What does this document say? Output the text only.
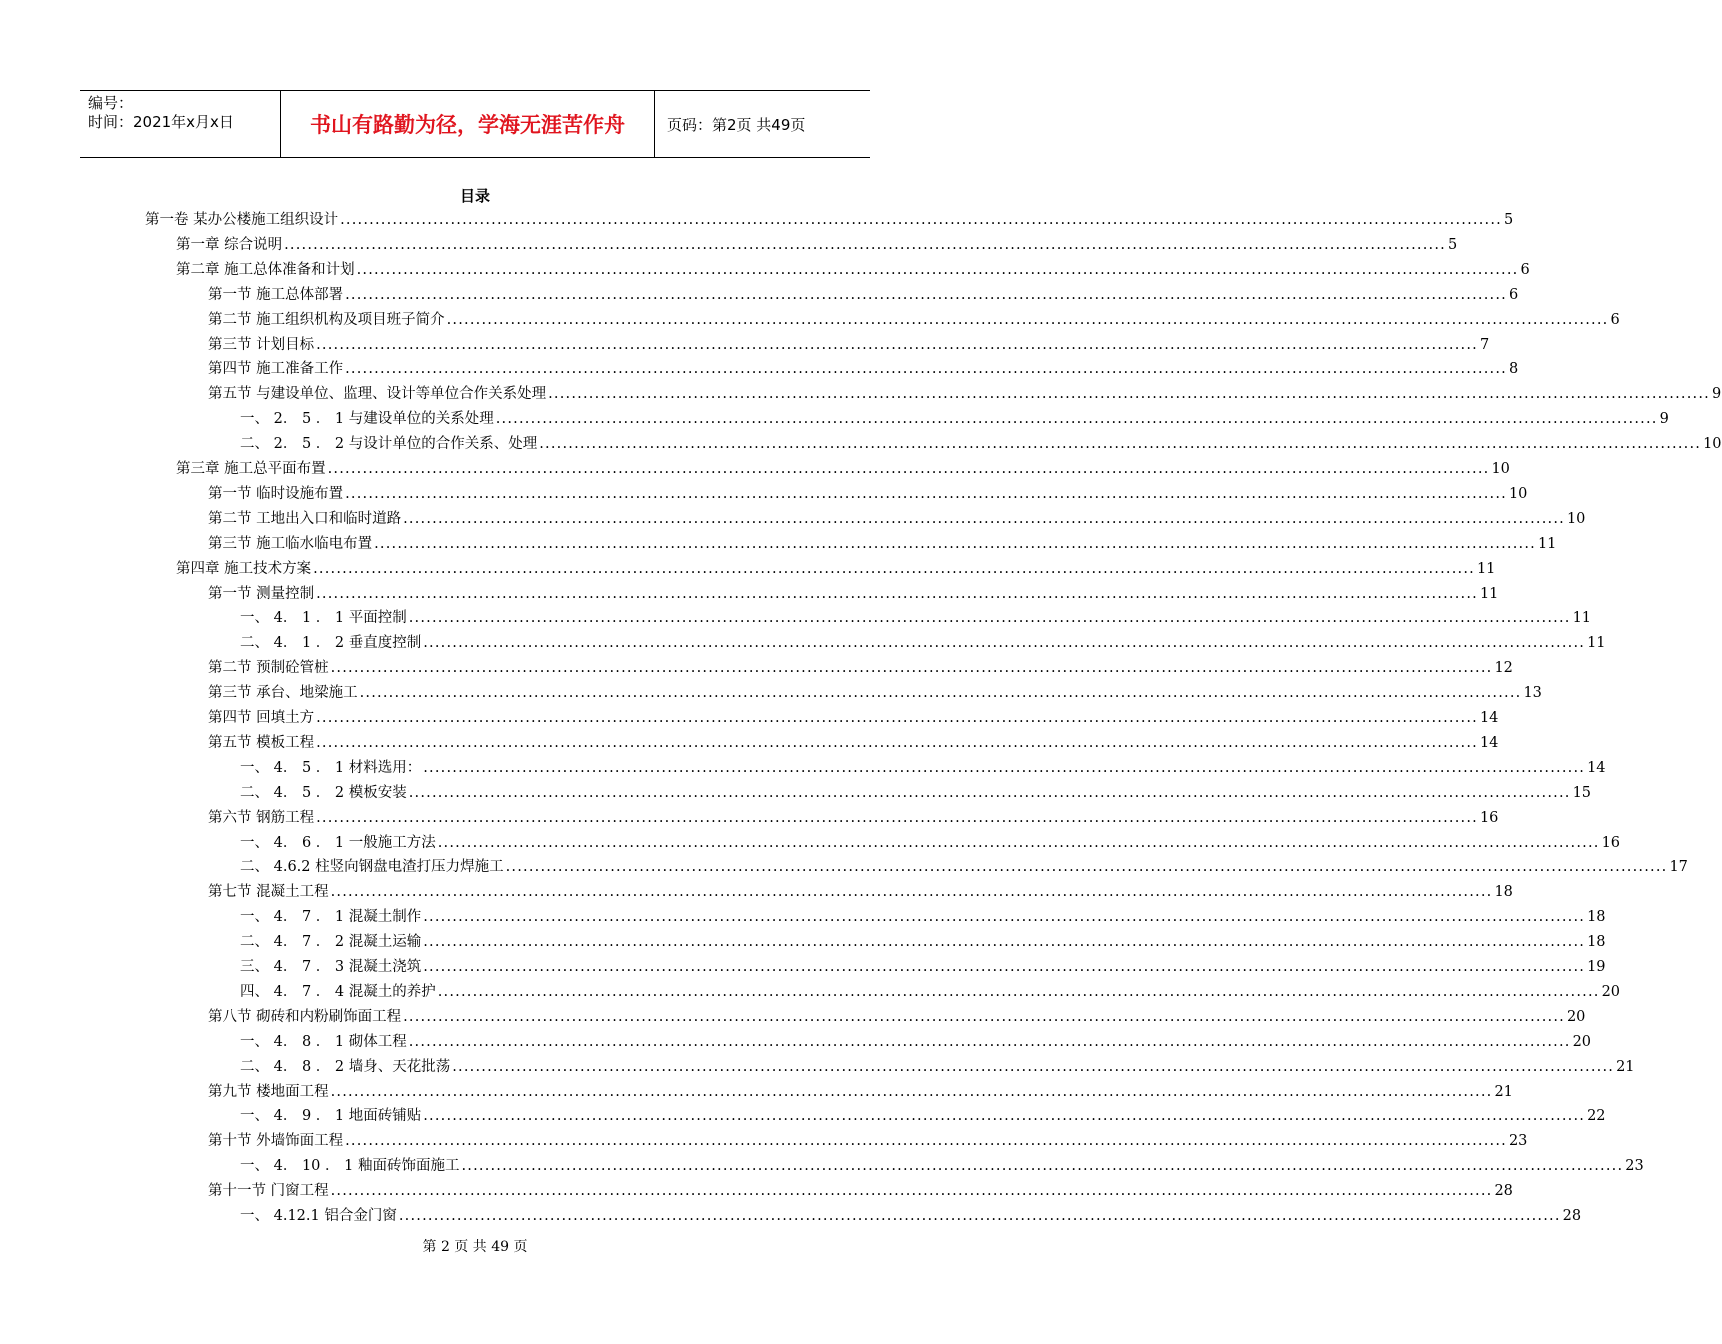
编号：
时间：2021年x月x日	书山有路勤为径，学海无涯苦作舟	页码：第2页 共49页
目录
第一卷 某办公楼施工组织设计 ........................................................................................................................................................................................................ 5
第一章 综合说明 ........................................................................................................................................................................................................ 5
第二章 施工总体准备和计划 ........................................................................................................................................................................................................ 6
第一节 施工总体部署 ........................................................................................................................................................................................................ 6
第二节 施工组织机构及项目班子简介 ........................................................................................................................................................................................................ 6
第三节 计划目标 ........................................................................................................................................................................................................ 7
第四节 施工准备工作 ........................................................................................................................................................................................................ 8
第五节 与建设单位、监理、设计等单位合作关系处理 ........................................................................................................................................................................................................ 9
一、 2． 5 ． 1 与建设单位的关系处理 ........................................................................................................................................................................................................ 9
二、 2． 5 ． 2 与设计单位的合作关系、处理 ........................................................................................................................................................................................................ 10
第三章 施工总平面布置 ........................................................................................................................................................................................................ 10
第一节 临时设施布置 ........................................................................................................................................................................................................ 10
第二节 工地出入口和临时道路 ........................................................................................................................................................................................................ 10
第三节 施工临水临电布置 ........................................................................................................................................................................................................ 11
第四章 施工技术方案 ........................................................................................................................................................................................................ 11
第一节 测量控制 ........................................................................................................................................................................................................ 11
一、 4． 1 ． 1 平面控制 ........................................................................................................................................................................................................ 11
二、 4． 1 ． 2 垂直度控制 ........................................................................................................................................................................................................ 11
第二节 预制砼管桩 ........................................................................................................................................................................................................ 12
第三节 承台、地梁施工 ........................................................................................................................................................................................................ 13
第四节 回填土方 ........................................................................................................................................................................................................ 14
第五节 模板工程 ........................................................................................................................................................................................................ 14
一、 4． 5 ． 1 材料选用： ........................................................................................................................................................................................................ 14
二、 4． 5 ． 2 模板安装 ........................................................................................................................................................................................................ 15
第六节 钢筋工程 ........................................................................................................................................................................................................ 16
一、 4． 6 ． 1 一般施工方法 ........................................................................................................................................................................................................ 16
二、 4.6.2 柱竖向钢盘电渣打压力焊施工 ........................................................................................................................................................................................................ 17
第七节 混凝土工程 ........................................................................................................................................................................................................ 18
一、 4． 7 ． 1 混凝土制作 ........................................................................................................................................................................................................ 18
二、 4． 7 ． 2 混凝土运输 ........................................................................................................................................................................................................ 18
三、 4． 7 ． 3 混凝土浇筑 ........................................................................................................................................................................................................ 19
四、 4． 7 ． 4 混凝土的养护 ........................................................................................................................................................................................................ 20
第八节 砌砖和内粉刷饰面工程 ........................................................................................................................................................................................................ 20
一、 4． 8 ． 1 砌体工程 ........................................................................................................................................................................................................ 20
二、 4． 8 ． 2 墙身、天花批荡 ........................................................................................................................................................................................................ 21
第九节 楼地面工程 ........................................................................................................................................................................................................ 21
一、 4． 9 ． 1 地面砖铺贴 ........................................................................................................................................................................................................ 22
第十节 外墙饰面工程 ........................................................................................................................................................................................................ 23
一、 4． 10 ． 1 釉面砖饰面施工 ........................................................................................................................................................................................................ 23
第十一节 门窗工程 ........................................................................................................................................................................................................ 28
一、 4.12.1 铝合金门窗 ........................................................................................................................................................................................................ 28
第 2 页 共 49 页
